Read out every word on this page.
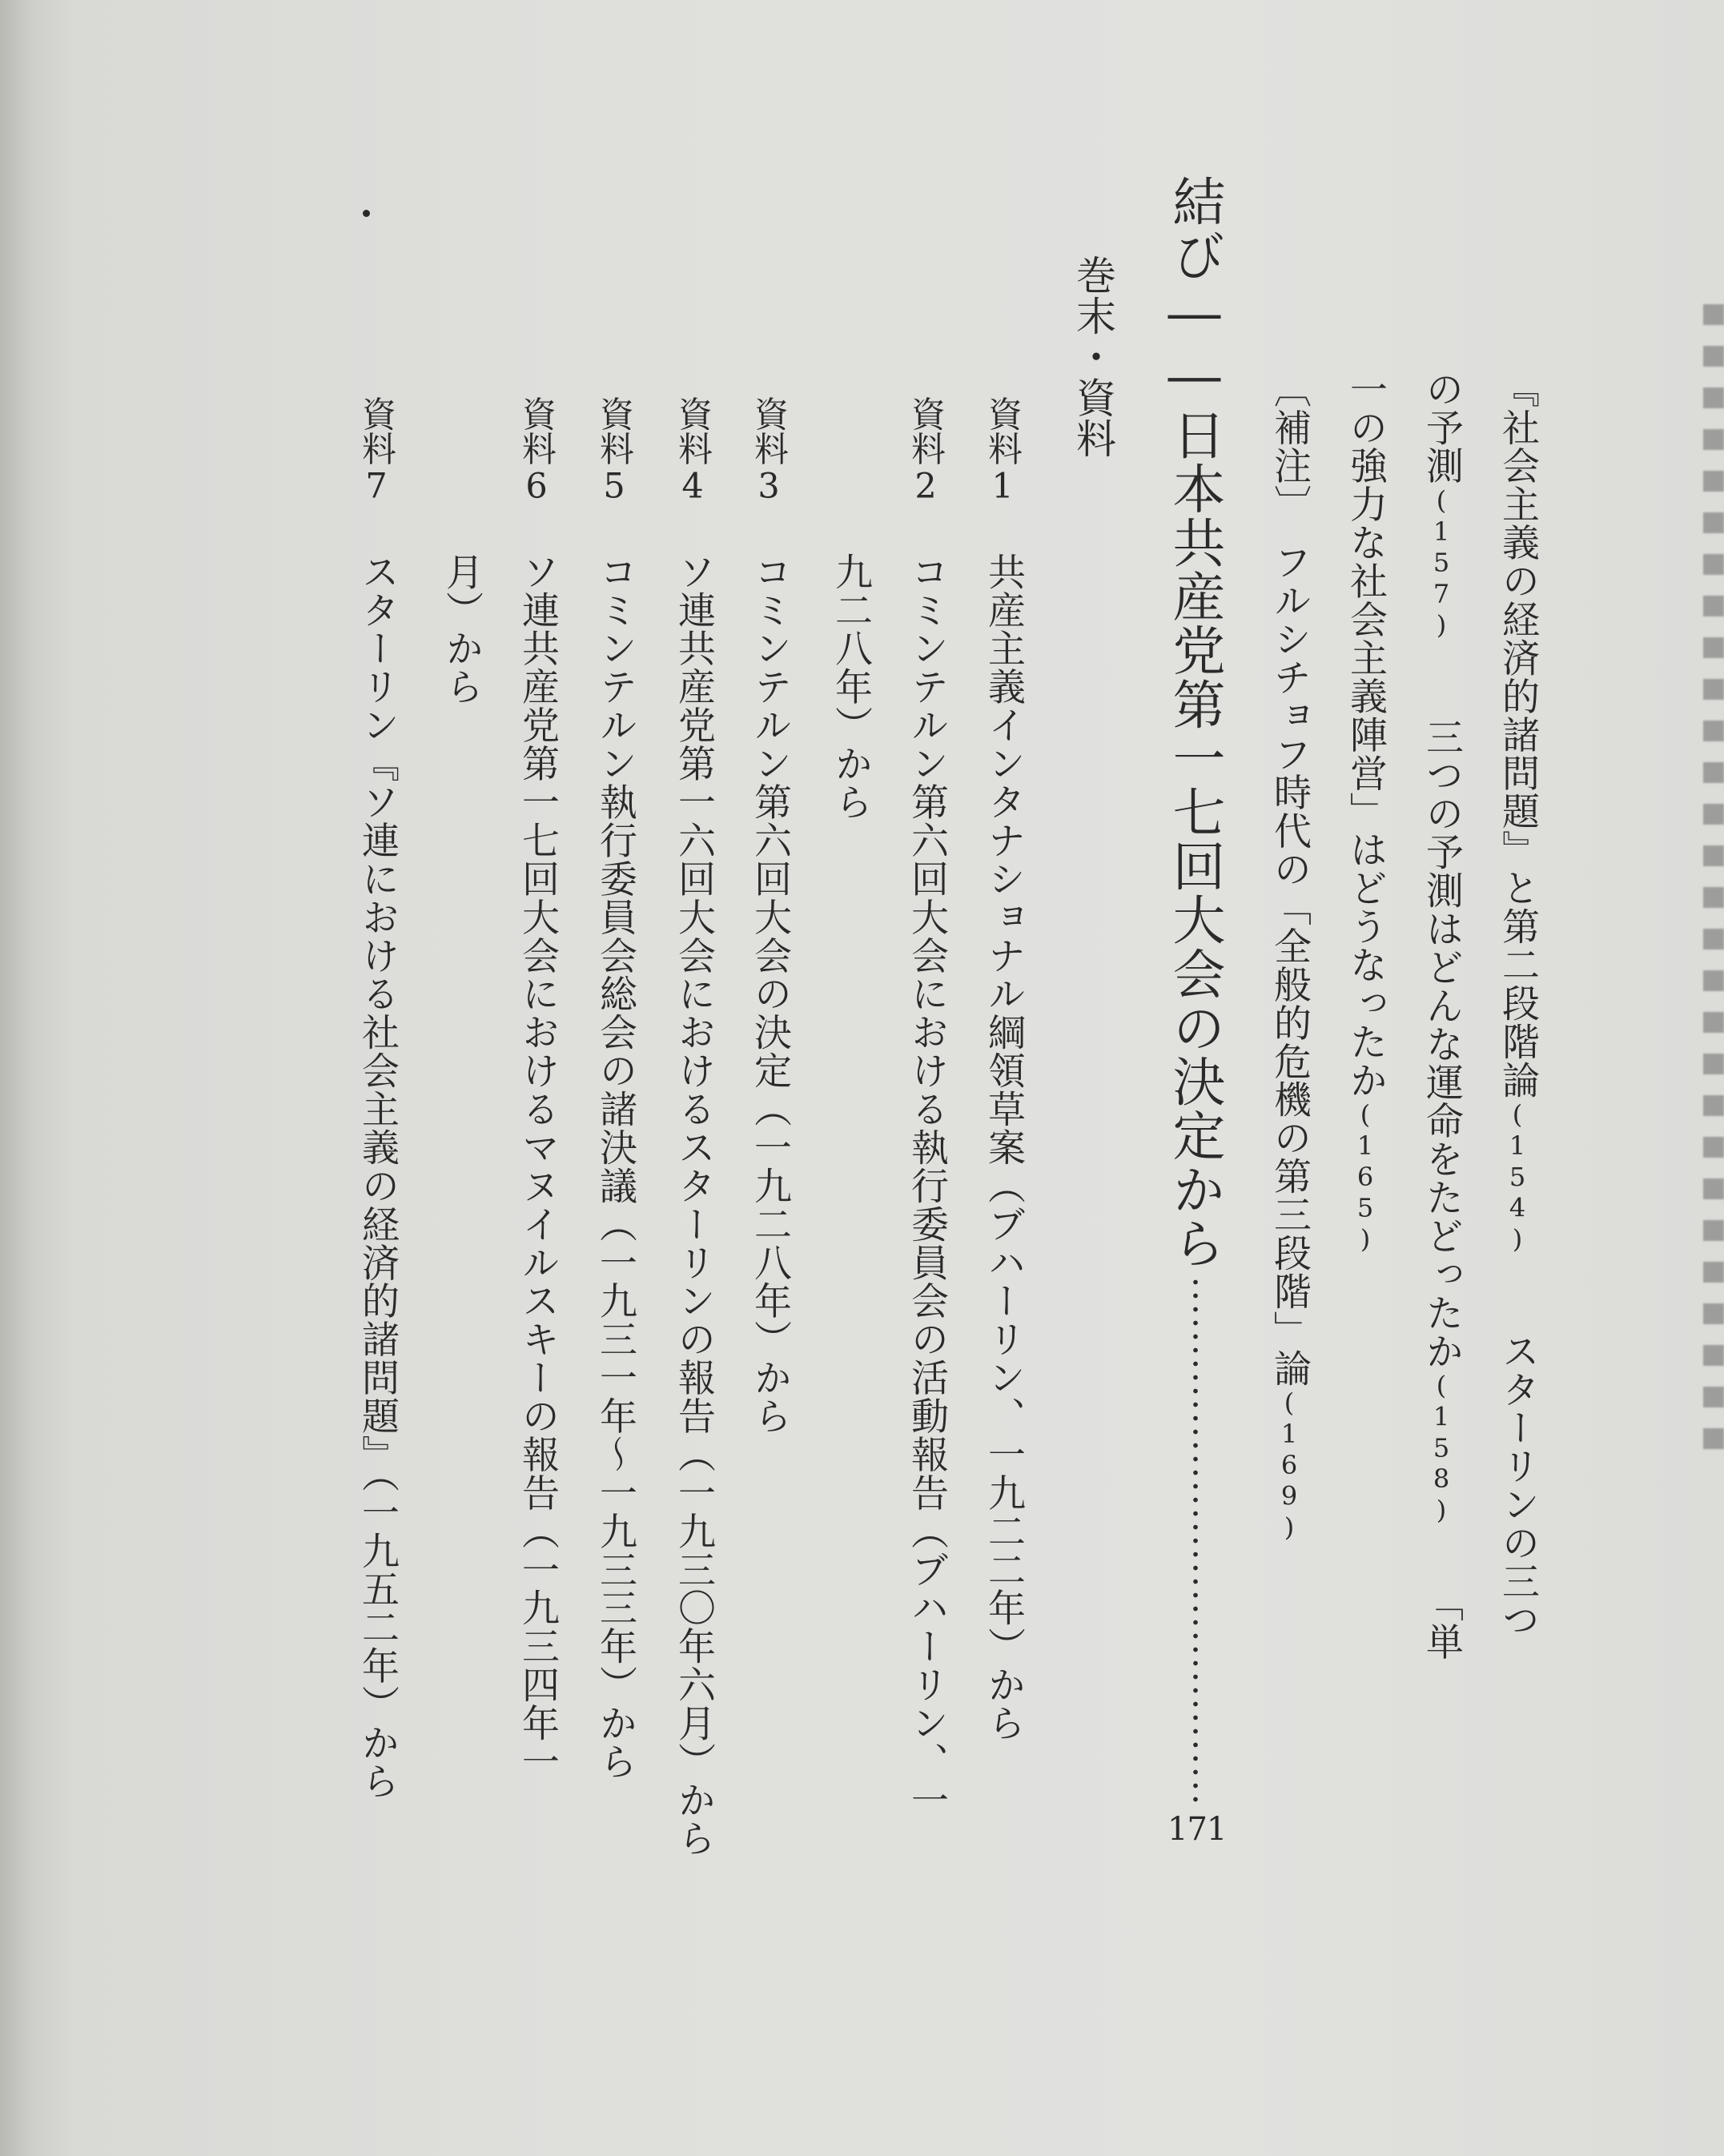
『社会主義の経済的諸問題』と第二段階論(154)　　スターリンの三つ
の予測(157)　　三つの予測はどんな運命をたどったか(158)　　「単
一の強力な社会主義陣営」はどうなったか(165)
〔補注〕　フルシチョフ時代の「全般的危機の第三段階」論(169)
結び――日本共産党第一七回大会の決定から
171
巻末・資料
資料1
共産主義インタナショナル綱領草案（ブハーリン、一九二二年）から
資料2
コミンテルン第六回大会における執行委員会の活動報告（ブハーリン、一
九二八年）から
資料3
コミンテルン第六回大会の決定（一九二八年）から
資料4
ソ連共産党第一六回大会におけるスターリンの報告（一九三〇年六月）から
資料5
コミンテルン執行委員会総会の諸決議（一九三一年～一九三三年）から
資料6
ソ連共産党第一七回大会におけるマヌイルスキーの報告（一九三四年一
月）から
資料7
スターリン『ソ連における社会主義の経済的諸問題』（一九五二年）から
